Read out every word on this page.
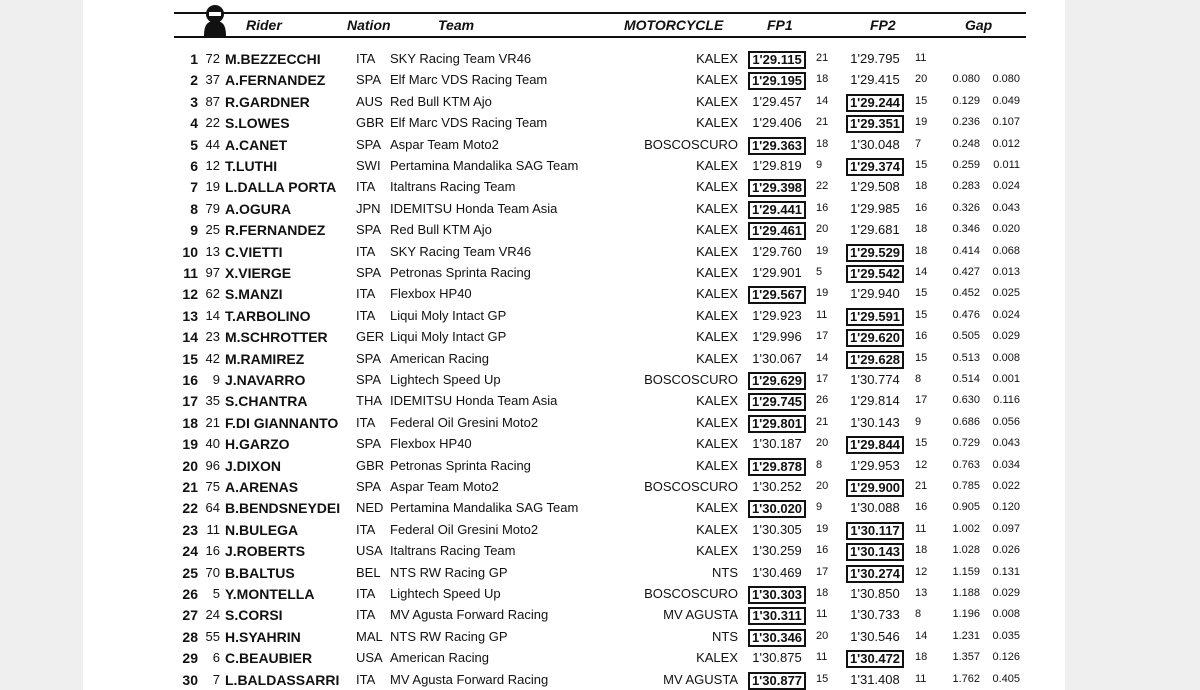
Rider	Nation	Team	MOTORCYCLE	FP1	FP2	Gap
1 72 M.BEZZECCHI	ITA SKY Racing Team VR46	KALEX	1'29.115	21	1'29.795	11
2 37 A.FERNANDEZ SPA Elf Marc VDS Racing Team	KALEX	1'29.195	18	1'29.415	20	0.080	0.080
3 87 R.GARDNER	AUS Red Bull KTM Ajo	KALEX	1'29.457	14	1'29.244	15	0.129	0.049
4 22 S.LOWES	GBR Elf Marc VDS Racing Team	KALEX	1'29.406	21	1'29.351	19	0.236	0.107
5 44 A.CANET	SPA Aspar Team Moto2	BOSCOSCURO	1'29.363	18	1'30.048	7	0.248	0.012
6 12 T.LUTHI	SWI Pertamina Mandalika SAG Team	KALEX	1'29.819	9	1'29.374	15	0.259	0.011
7 19 L.DALLA PORTA ITA Italtrans Racing Team	KALEX	1'29.398	22	1'29.508	18	0.283	0.024
8 79 A.OGURA	JPN IDEMITSU Honda Team Asia	KALEX	1'29.441	16	1'29.985	16	0.326	0.043
9 25 R.FERNANDEZ SPA Red Bull KTM Ajo	KALEX	1'29.461	20	1'29.681	18	0.346	0.020
10 13 C.VIETTI	ITA SKY Racing Team VR46	KALEX	1'29.760	19	1'29.529	18	0.414	0.068
11 97 X.VIERGE	SPA Petronas Sprinta Racing	KALEX	1'29.901	5	1'29.542	14	0.427	0.013
12 62 S.MANZI	ITA Flexbox HP40	KALEX	1'29.567	19	1'29.940	15	0.452	0.025
13 14 T.ARBOLINO	ITA Liqui Moly Intact GP	KALEX	1'29.923	11	1'29.591	15	0.476	0.024
14 23 M.SCHROTTER GER Liqui Moly Intact GP	KALEX	1'29.996	17	1'29.620	16	0.505	0.029
15 42 M.RAMIREZ	SPA American Racing	KALEX	1'30.067	14	1'29.628	15	0.513	0.008
16	9 J.NAVARRO	SPA Lightech Speed Up	BOSCOSCURO	1'29.629	17	1'30.774	8	0.514	0.001
17 35 S.CHANTRA	THA IDEMITSU Honda Team Asia	KALEX	1'29.745	26	1'29.814	17	0.630	0.116
18 21 F.DI GIANNANTO ITA Federal Oil Gresini Moto2	KALEX	1'29.801	21	1'30.143	9	0.686	0.056
19 40 H.GARZO	SPA Flexbox HP40	KALEX	1'30.187	20	1'29.844	15	0.729	0.043
20 96 J.DIXON	GBR Petronas Sprinta Racing	KALEX	1'29.878	8	1'29.953	12	0.763	0.034
21 75 A.ARENAS	SPA Aspar Team Moto2	BOSCOSCURO	1'30.252	20	1'29.900	21	0.785	0.022
22 64 B.BENDSNEYDEI NED Pertamina Mandalika SAG Team	KALEX	1'30.020	9	1'30.088	16	0.905	0.120
23 11 N.BULEGA	ITA Federal Oil Gresini Moto2	KALEX	1'30.305	19	1'30.117	11	1.002	0.097
24 16 J.ROBERTS	USA Italtrans Racing Team	KALEX	1'30.259	16	1'30.143	18	1.028	0.026
25 70 B.BALTUS	BEL NTS RW Racing GP	NTS	1'30.469	17	1'30.274	12	1.159	0.131
26	5 Y.MONTELLA	ITA Lightech Speed Up	BOSCOSCURO	1'30.303	18	1'30.850	13	1.188	0.029
27 24 S.CORSI	ITA MV Agusta Forward Racing	MV AGUSTA	1'30.311	11	1'30.733	8	1.196	0.008
28 55 H.SYAHRIN	MAL NTS RW Racing GP	NTS	1'30.346	20	1'30.546	14	1.231	0.035
29	6 C.BEAUBIER	USA American Racing	KALEX	1'30.875	11	1'30.472	18	1.357	0.126
30	7 L.BALDASSARRI ITA MV Agusta Forward Racing	MV AGUSTA	1'30.877	15	1'31.408	11	1.762	0.405
